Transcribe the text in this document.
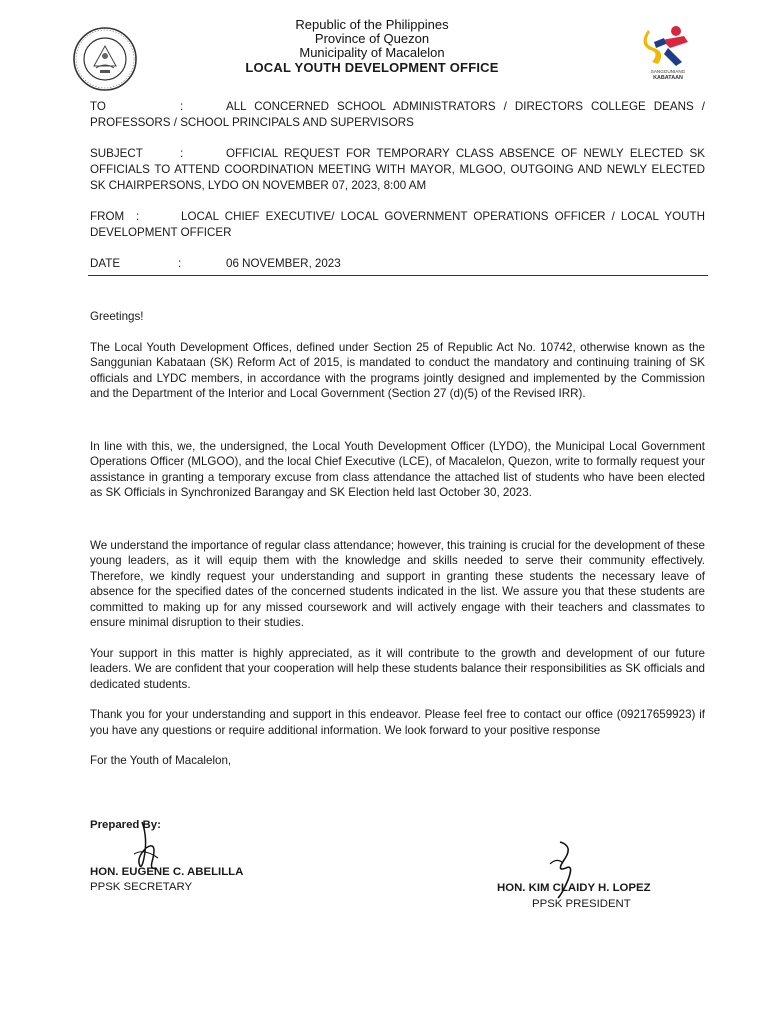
Republic of the Philippines
Province of Quezon
Municipality of Macalelon
LOCAL YOUTH DEVELOPMENT OFFICE	SANGGUNIANG
KABATAAN
TO	:	ALL CONCERNED SCHOOL ADMINISTRATORS / DIRECTORS COLLEGE DEANS / PROFESSORS / SCHOOL PRINCIPALS AND SUPERVISORS
SUBJECT	:	OFFICIAL REQUEST FOR TEMPORARY CLASS ABSENCE OF NEWLY ELECTED SK OFFICIALS TO ATTEND COORDINATION MEETING WITH MAYOR, MLGOO, OUTGOING AND NEWLY ELECTED SK CHAIRPERSONS, LYDO ON NOVEMBER 07, 2023, 8:00 AM
FROM :	LOCAL CHIEF EXECUTIVE/ LOCAL GOVERNMENT OPERATIONS OFFICER / LOCAL YOUTH DEVELOPMENT OFFICER
DATE	:	06 NOVEMBER, 2023

Greetings!

The Local Youth Development Offices, defined under Section 25 of Republic Act No. 10742, otherwise known as the Sanggunian Kabataan (SK) Reform Act of 2015, is mandated to conduct the mandatory and continuing training of SK officials and LYDC members, in accordance with the programs jointly designed and implemented by the Commission and the Department of the Interior and Local Government (Section 27 (d)(5) of the Revised IRR).

In line with this, we, the undersigned, the Local Youth Development Officer (LYDO), the Municipal Local Government Operations Officer (MLGOO), and the local Chief Executive (LCE), of Macalelon, Quezon, write to formally request your assistance in granting a temporary excuse from class attendance the attached list of students who have been elected as SK Officials in Synchronized Barangay and SK Election held last October 30, 2023.

We understand the importance of regular class attendance; however, this training is crucial for the development of these young leaders, as it will equip them with the knowledge and skills needed to serve their community effectively. Therefore, we kindly request your understanding and support in granting these students the necessary leave of absence for the specified dates of the concerned students indicated in the list. We assure you that these students are committed to making up for any missed coursework and will actively engage with their teachers and classmates to ensure minimal disruption to their studies.

Your support in this matter is highly appreciated, as it will contribute to the growth and development of our future leaders. We are confident that your cooperation will help these students balance their responsibilities as SK officials and dedicated students.

Thank you for your understanding and support in this endeavor. Please feel free to contact our office (09217659923) if you have any questions or require additional information. We look forward to your positive response

For the Youth of Macalelon,

Prepared By:
HON. EUGENE C. ABELILLA
PPSK SECRETARY	HON. KIM CLAIDY H. LOPEZ
PPSK PRESIDENT
